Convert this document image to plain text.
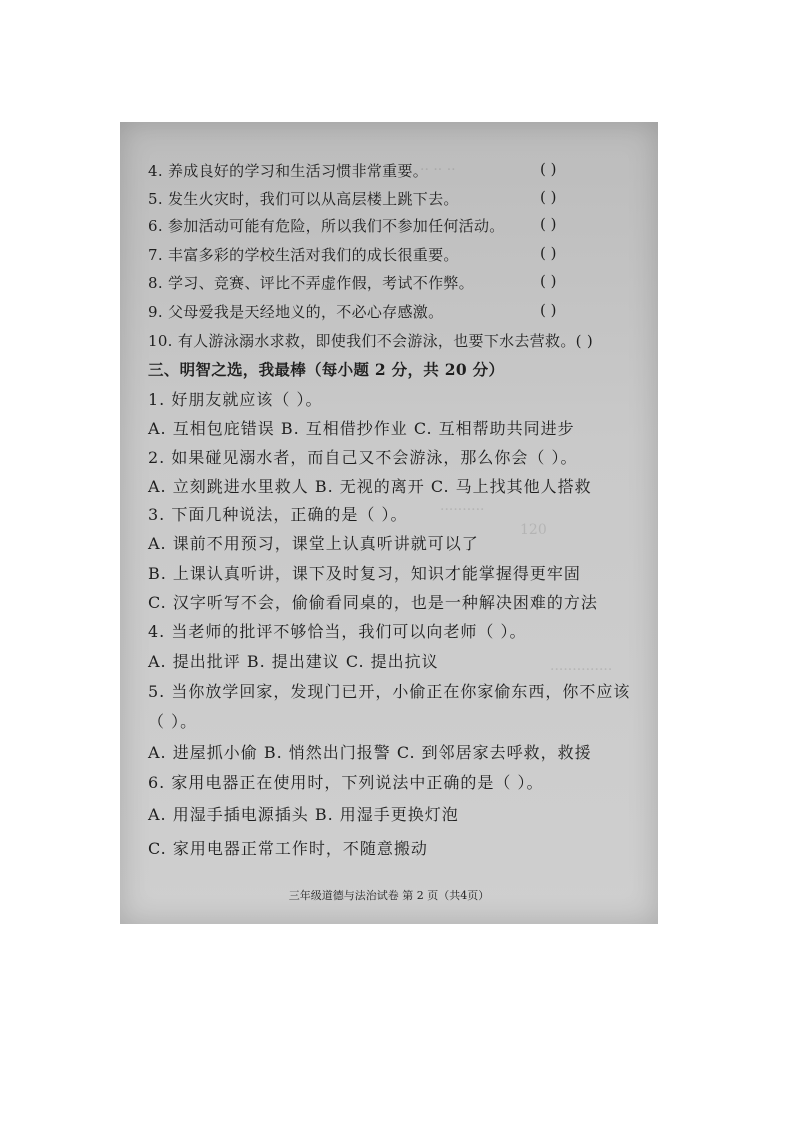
·· ·· ··
··········
120
··············
4. 养成良好的学习和生活习惯非常重要。	( )
5. 发生火灾时，我们可以从高层楼上跳下去。	( )
6. 参加活动可能有危险，所以我们不参加任何活动。 ( )
7. 丰富多彩的学校生活对我们的成长很重要。	( )
8. 学习、竞赛、评比不弄虚作假，考试不作弊。	( )
9. 父母爱我是天经地义的，不必心存感激。	( )
10. 有人游泳溺水求救，即使我们不会游泳，也要下水去营救。( )
三、明智之选，我最棒（每小题 2 分，共 20 分）
1. 好朋友就应该（ ）。
A. 互相包庇错误 B. 互相借抄作业 C. 互相帮助共同进步
2. 如果碰见溺水者，而自己又不会游泳，那么你会（ ）。
A. 立刻跳进水里救人 B. 无视的离开 C. 马上找其他人搭救
3. 下面几种说法，正确的是（ ）。
A. 课前不用预习，课堂上认真听讲就可以了
B. 上课认真听讲，课下及时复习，知识才能掌握得更牢固
C. 汉字听写不会，偷偷看同桌的，也是一种解决困难的方法
4. 当老师的批评不够恰当，我们可以向老师（ ）。
A. 提出批评 B. 提出建议 C. 提出抗议
5. 当你放学回家，发现门已开，小偷正在你家偷东西，你不应该
（ ）。
A. 进屋抓小偷 B. 悄然出门报警 C. 到邻居家去呼救，救援
6. 家用电器正在使用时，下列说法中正确的是（ ）。
A. 用湿手插电源插头 B. 用湿手更换灯泡
C. 家用电器正常工作时，不随意搬动
三年级道德与法治试卷 第 2 页（共4页）
